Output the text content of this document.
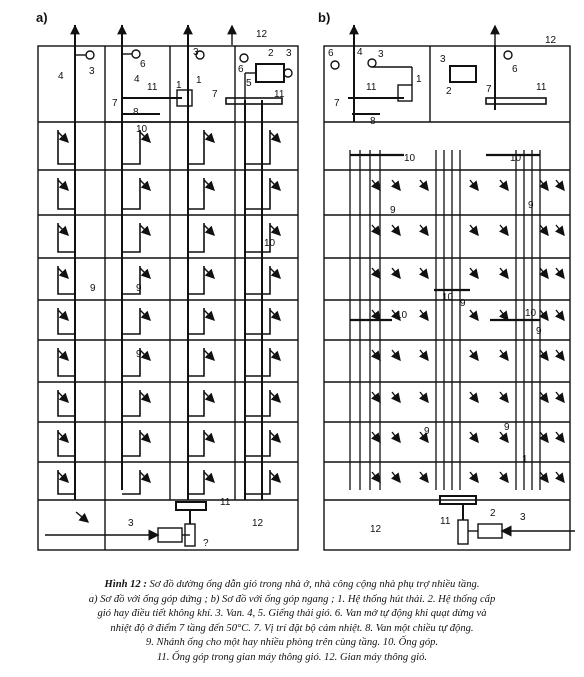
a)
4	3
4
6
3
12
2 3
6
1
1
7
11
8
10
5
7	11
10
9	9
9
11
3	12
?
b)
4 3
12
6
2
3
6
1
7
8
7
11	11
10	10
9	9
10
10	10
9
9	9
9
1
11
12
2 3
Hình 12 : Sơ đồ dường ống dẫn gió trong nhà ở, nhà công cộng nhà phụ trợ nhiều tầng.
a) Sơ đồ với ống góp dứng ; b) Sơ đồ với ống góp ngang ; 1. Hệ thống hút thải. 2. Hệ thống cấp
gió hay điều tiết không khí. 3. Van. 4, 5. Giếng thải gió. 6. Van mở tự động khi quạt dừng và
nhiệt độ ở điểm 7 tầng đến 50°C. 7. Vị trí đặt bộ cảm nhiệt. 8. Van một chiều tự động.
9. Nhánh ống cho một hay nhiều phòng trên cùng tầng. 10. Ống góp.
11. Ống góp trong gian máy thông gió. 12. Gian máy thông gió.
